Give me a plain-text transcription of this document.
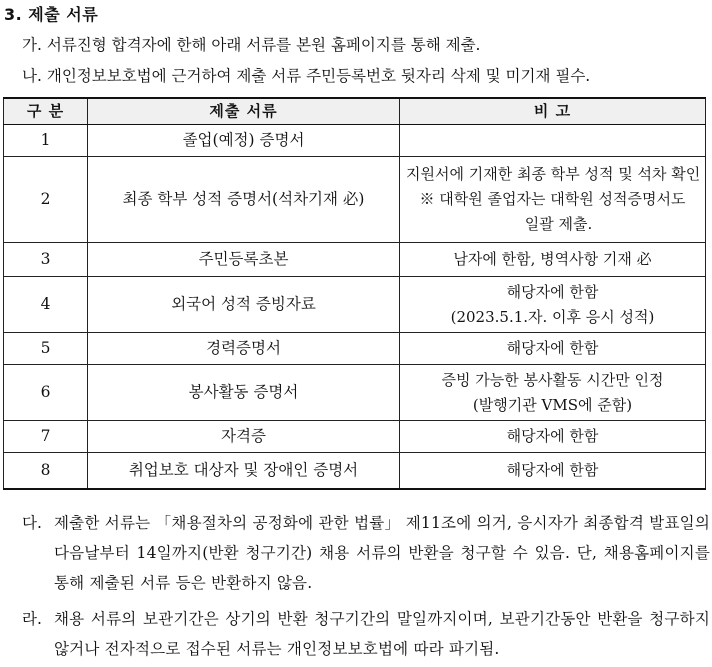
3. 제출 서류
가. 서류진형 합격자에 한해 아래 서류를 본원 홈페이지를 통해 제출.
나. 개인정보보호법에 근거하여 제출 서류 주민등록번호 뒷자리 삭제 및 미기재 필수.
구 분	제출 서류	비 고
1	졸업(예정) 증명서	
2	최종 학부 성적 증명서(석차기재 必)	지원서에 기재한 최종 학부 성적 및 석차 확인
※ 대학원 졸업자는 대학원 성적증명서도
일괄 제출.

3	주민등록초본	남자에 한함, 병역사항 기재 必

4	외국어 성적 증빙자료	해당자에 한함
(2023.5.1.자. 이후 응시 성적)

5	경력증명서	해당자에 한함

6	봉사활동 증명서	증빙 가능한 봉사활동 시간만 인정
(발행기관 VMS에 준함)

7	자격증	해당자에 한함

8	취업보호 대상자 및 장애인 증명서	해당자에 한함
다. 제출한 서류는 「채용절차의 공정화에 관한 법률」 제11조에 의거, 응시자가 최종합격 발표일의 다음날부터 14일까지(반환 청구기간) 채용 서류의 반환을 청구할 수 있음. 단, 채용홈페이지를 통해 제출된 서류 등은 반환하지 않음.
라. 채용 서류의 보관기간은 상기의 반환 청구기간의 말일까지이며, 보관기간동안 반환을 청구하지 않거나 전자적으로 접수된 서류는 개인정보보호법에 따라 파기됨.
